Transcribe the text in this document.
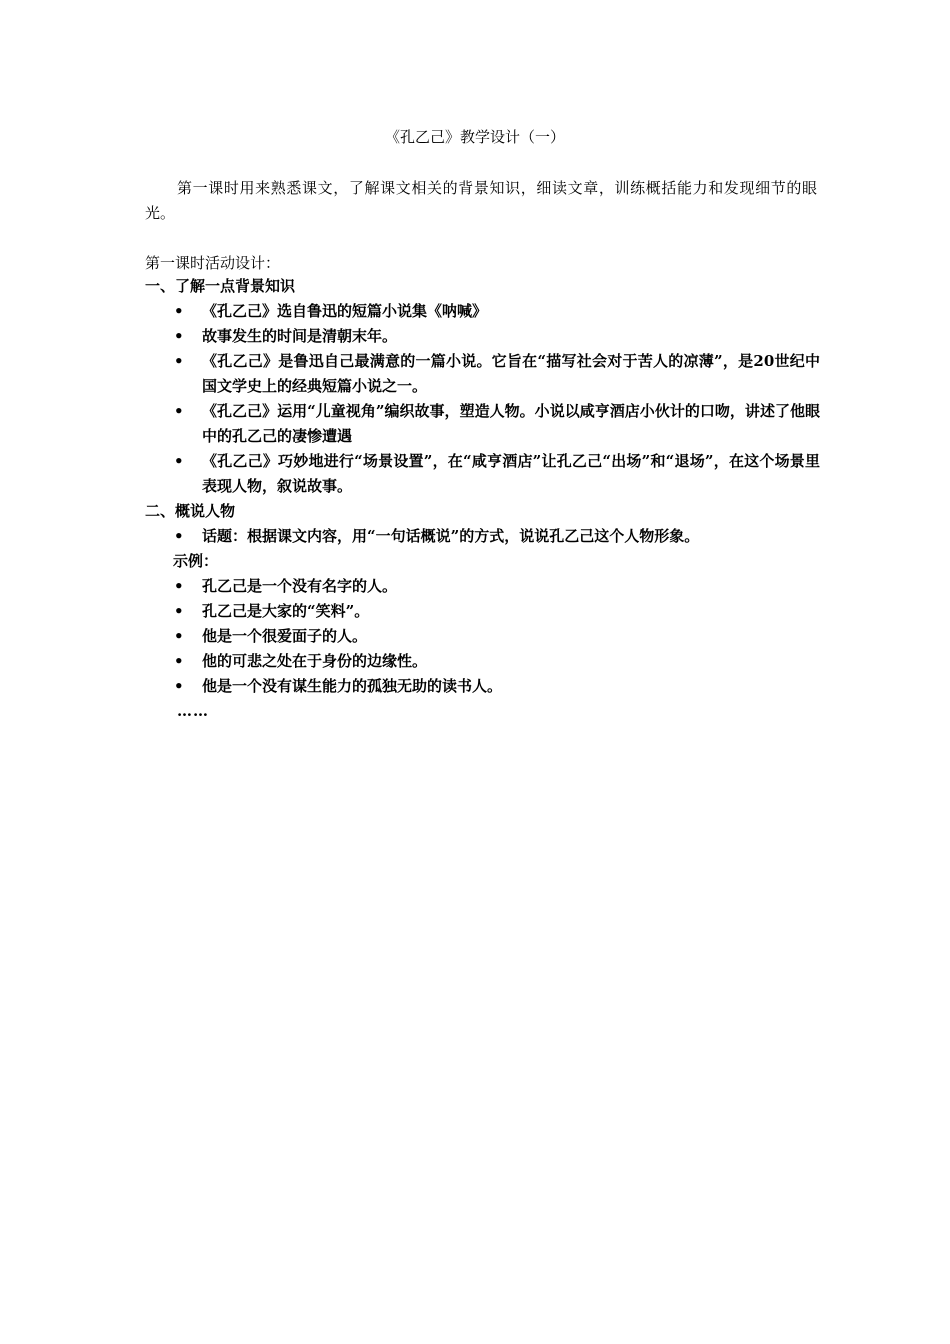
《孔乙己》教学设计（一）
第一课时用来熟悉课文，了解课文相关的背景知识，细读文章，训练概括能力和发现细节的眼光。
第一课时活动设计：
一、了解一点背景知识
• 《孔乙己》选自鲁迅的短篇小说集《呐喊》
• 故事发生的时间是清朝末年。
• 《孔乙己》是鲁迅自己最满意的一篇小说。它旨在“描写社会对于苦人的凉薄”，是20世纪中国文学史上的经典短篇小说之一。
• 《孔乙己》运用“儿童视角”编织故事，塑造人物。小说以咸亨酒店小伙计的口吻，讲述了他眼中的孔乙己的凄惨遭遇
• 《孔乙己》巧妙地进行“场景设置”，在“咸亨酒店”让孔乙己“出场”和“退场”，在这个场景里表现人物，叙说故事。
二、概说人物
• 话题：根据课文内容，用“一句话概说”的方式，说说孔乙己这个人物形象。
示例：
• 孔乙己是一个没有名字的人。
• 孔乙己是大家的“笑料”。
• 他是一个很爱面子的人。
• 他的可悲之处在于身份的边缘性。
• 他是一个没有谋生能力的孤独无助的读书人。
……
